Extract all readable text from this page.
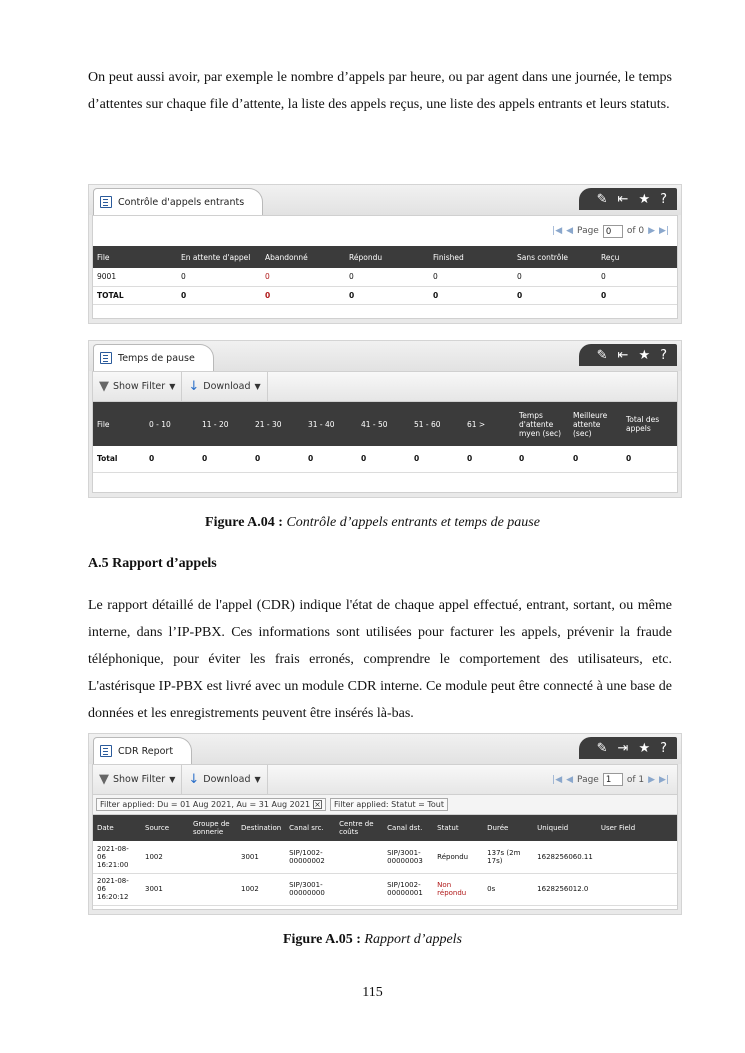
On peut aussi avoir, par exemple le nombre d’appels par heure, ou par agent dans une journée, le temps d’attentes sur chaque file d’attente, la liste des appels reçus, une liste des appels entrants et leurs statuts.

Contrôle d'appels entrants	✎ ⇤ ★ ?
|◀ ◀ Page 0	of 0 ▶ ▶|
File	En attente d'appel	Abandonné	Répondu	Finished	Sans contrôle	Reçu
9001	0	0	0	0	0	0
TOTAL	0	0	0	0	0	0
Temps de pause	✎ ⇤ ★ ?
▼ Show Filter ▼ ↓ Download ▼
File	0 - 10	11 - 20	21 - 30	31 - 40	41 - 50	51 - 60	61 >	Temps d'attente myen (sec)	Meilleure attente (sec)	Total des appels
Total	0	0	0	0	0	0	0	0	0	0
Figure A.04 : Contrôle d’appels entrants et temps de pause
A.5 Rapport d’appels

Le rapport détaillé de l'appel (CDR) indique l'état de chaque appel effectué, entrant, sortant, ou même interne, dans l’IP-PBX. Ces informations sont utilisées pour facturer les appels, prévenir la fraude téléphonique, pour éviter les frais erronés, comprendre le comportement des utilisateurs, etc. L'astérisque IP-PBX est livré avec un module CDR interne. Ce module peut être connecté à une base de données et les enregistrements peuvent être insérés là-bas.

CDR Report	✎ ⇥ ★ ?
▼ Show Filter ▼ ↓ Download ▼	|◀ ◀ Page 1	of 1 ▶ ▶|
Filter applied: Du = 01 Aug 2021, Au = 31 Aug 2021 × Filter applied: Statut = Tout
Date	Source	Groupe de sonnerie	Destination	Canal src.	Centre de coûts	Canal dst.	Statut	Durée	Uniqueid	User Field
2021-08-06 16:21:00	1002		3001	SIP/1002-00000002		SIP/3001-00000003	Répondu	137s (2m 17s)	1628256060.11	
2021-08-06 16:20:12	3001		1002	SIP/3001-00000000		SIP/1002-00000001	Non répondu	0s	1628256012.0	
Figure A.05 : Rapport d’appels
115
